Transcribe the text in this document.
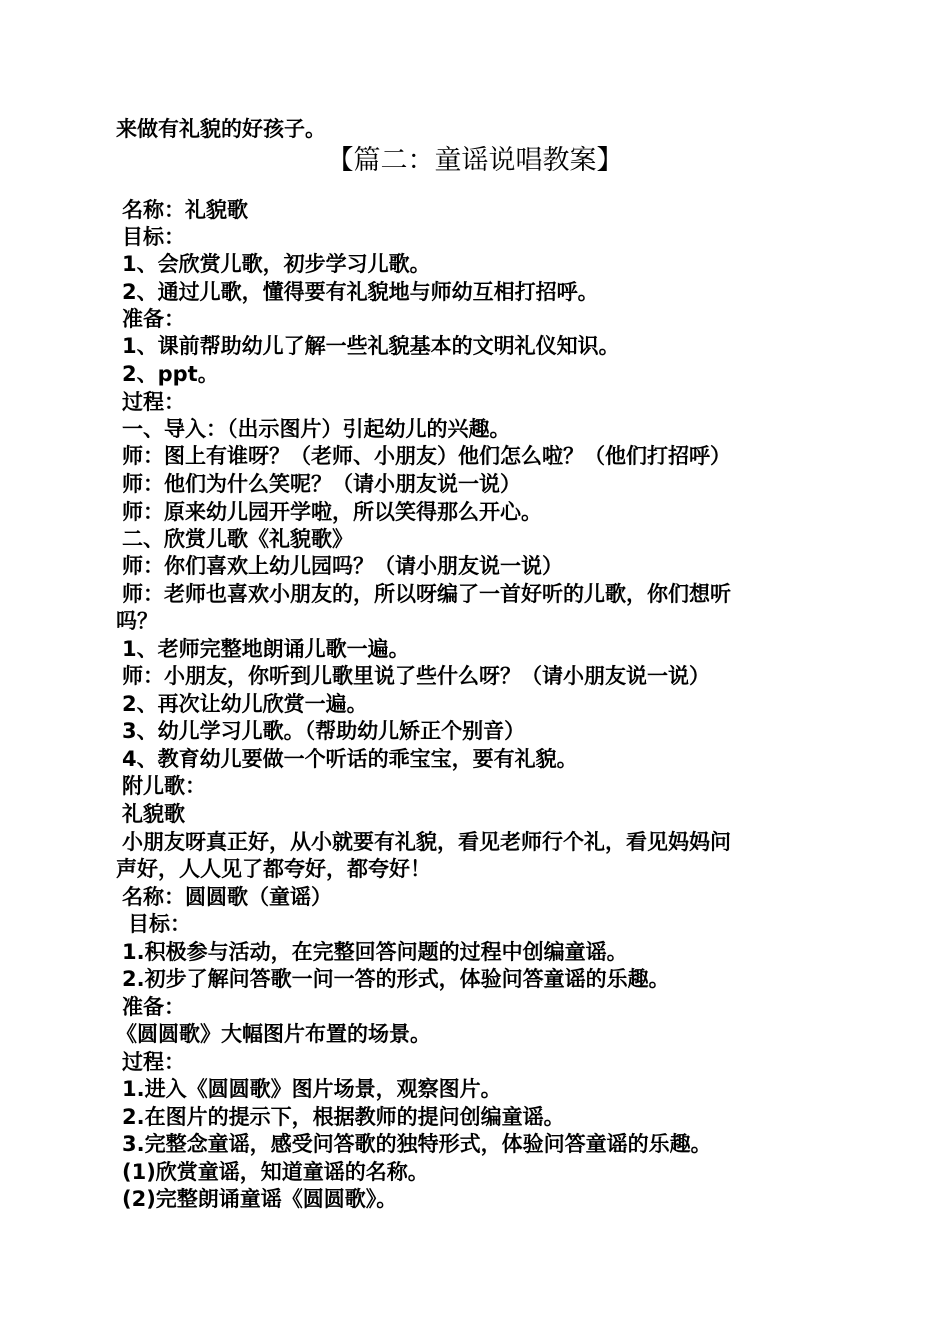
来做有礼貌的好孩子。
【篇二：童谣说唱教案】
名称：礼貌歌
目标：
1、会欣赏儿歌，初步学习儿歌。
2、通过儿歌，懂得要有礼貌地与师幼互相打招呼。
准备：
1、课前帮助幼儿了解一些礼貌基本的文明礼仪知识。
2、ppt。
过程：
一、导入：（出示图片）引起幼儿的兴趣。
师：图上有谁呀？（老师、小朋友）他们怎么啦？（他们打招呼）
师：他们为什么笑呢？（请小朋友说一说）
师：原来幼儿园开学啦，所以笑得那么开心。
二、欣赏儿歌《礼貌歌》
师：你们喜欢上幼儿园吗？（请小朋友说一说）
师：老师也喜欢小朋友的，所以呀编了一首好听的儿歌，你们想听
吗？
1、老师完整地朗诵儿歌一遍。
师：小朋友，你听到儿歌里说了些什么呀？（请小朋友说一说）
2、再次让幼儿欣赏一遍。
3、幼儿学习儿歌。（帮助幼儿矫正个别音）
4、教育幼儿要做一个听话的乖宝宝，要有礼貌。
附儿歌：
礼貌歌
小朋友呀真正好，从小就要有礼貌，看见老师行个礼，看见妈妈问
声好，人人见了都夸好，都夸好！
名称：圆圆歌（童谣）
目标：
1.积极参与活动，在完整回答问题的过程中创编童谣。
2.初步了解问答歌一问一答的形式，体验问答童谣的乐趣。
准备：
《圆圆歌》大幅图片布置的场景。
过程：
1.进入《圆圆歌》图片场景，观察图片。
2.在图片的提示下，根据教师的提问创编童谣。
3.完整念童谣，感受问答歌的独特形式，体验问答童谣的乐趣。
(1)欣赏童谣，知道童谣的名称。
(2)完整朗诵童谣《圆圆歌》。
